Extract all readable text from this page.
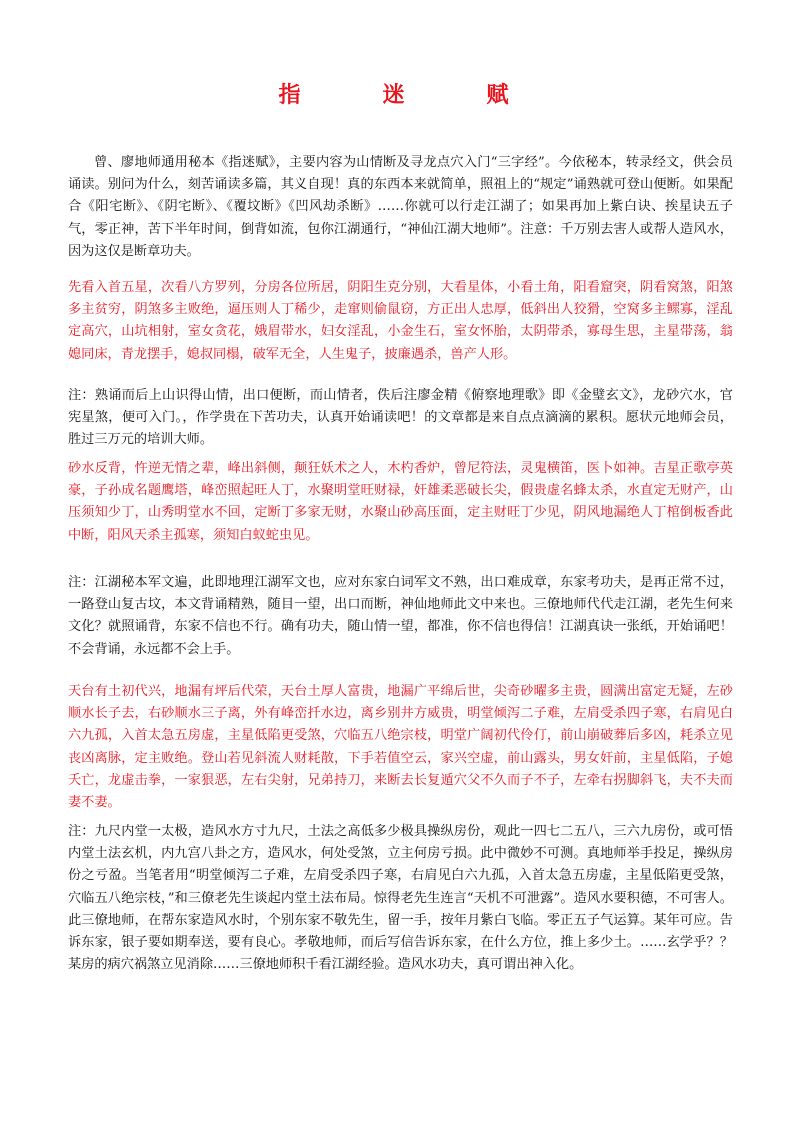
指　迷　赋

曾、廖地师通用秘本《指迷赋》，主要内容为山情断及寻龙点穴入门“三字经”。今依秘本，转录经文，供会员诵读。别问为什么，刻苦诵读多篇，其义自现！真的东西本来就简单，照祖上的“规定”诵熟就可登山便断。如果配合《阳宅断》、《阴宅断》、《覆坟断》《凹风劫杀断》……你就可以行走江湖了；如果再加上紫白诀、挨星诀五子气，零正神，苦下半年时间，倒背如流，包你江湖通行，“神仙江湖大地师”。注意：千万别去害人或帮人造风水，因为这仅是断章功夫。

先看入首五星，次看八方罗列，分房各位所居，阴阳生克分别，大看星体，小看土角，阳看窟突，阴看窝煞，阳煞多主贫穷，阴煞多主败绝，逼压则人丁稀少，走窜则偷鼠窃，方正出人忠厚，低斜出人狡猾，空窝多主鳏寡，淫乱定高穴，山坑相射，室女贪花，娥眉带水，妇女淫乱，小金生石，室女怀胎，太阴带杀，寡母生思，主星带荡，翁媳同床，青龙摆手，媳叔同榻，破军无全，人生鬼子，披廉遇杀，兽产人形。

注：熟诵而后上山识得山情，出口便断，而山情者，佚后注廖金精《俯察地理歌》即《金璧玄文》，龙砂穴水，官宪星煞，便可入门。，作学贵在下苦功夫，认真开始诵读吧！的文章都是来自点点滴滴的累积。愿状元地师会员，胜过三万元的培训大师。

砂水反背，忤逆无情之辈，峰出斜侧，颠狂妖术之人，木杓香炉，曾尼符法，灵鬼横笛，医卜如神。吉星正歌亭英豪，子孙成名题鹰塔，峰峦照起旺人丁，水聚明堂旺财禄，奸雄柔恶破长尖，假贵虚名蜂太杀，水直定无财产，山压须知少丁，山秀明堂水不回，定断丁多家无财，水聚山砂高压面，定主财旺丁少见，阴风地漏绝人丁棺倒板香此中断，阳风天杀主孤寒，须知白蚁蛇虫见。

注：江湖秘本军文遍，此即地理江湖军文也，应对东家白词军文不熟，出口难成章，东家考功夫，是再正常不过，一路登山复古坟，本文背诵精熟，随目一望，出口而断，神仙地师此文中来也。三僚地师代代走江湖，老先生何来文化？就照诵背，东家不信也不行。确有功夫，随山情一望，都准，你不信也得信！江湖真诀一张纸，开始诵吧！不会背诵，永远都不会上手。

天台有土初代兴，地漏有坪后代荣，天台土厚人富贵，地漏广平绵后世，尖奇砂曜多主贵，圆满出富定无疑，左砂顺水长子去，右砂顺水三子离，外有峰峦扦水边，离乡别井方威贵，明堂倾泻二子难，左肩受杀四子寒，右肩见白六九孤，入首太急五房虚，主星低陷更受煞，穴临五八绝宗枝，明堂广阔初代伶仃，前山崩破葬后多凶，耗杀立见丧凶离脉，定主败绝。登山若见斜流人财耗散，下手若值空云，家兴空虚，前山露头，男女奸前，主星低陷，子媳夭亡，龙虚击拳，一家狠恶，左右尖射，兄弟持刀，来断去长复遁穴父不久而子不子，左牵右拐脚斜飞，夫不夫而妻不妻。

注：九尺内堂一太极，造风水方寸九尺，土法之高低多少极具操纵房份，观此一四七二五八，三六九房份，或可悟内堂土法玄机，内九宫八卦之方，造风水，何处受煞，立主何房亏损。此中微妙不可测。真地师举手投足，操纵房份之亏盈。当笔者用“明堂倾泻二子难，左肩受杀四子寒，右肩见白六九孤，入首太急五房虚，主星低陷更受煞，穴临五八绝宗枝，”和三僚老先生谈起内堂土法布局。惊得老先生连言“天机不可泄露”。造风水要积德，不可害人。此三僚地师，在帮东家造风水时，个别东家不敬先生，留一手，按年月紫白飞临。零正五子气运算。某年可应。告诉东家，银子要如期奉送，要有良心。孝敬地师，而后写信告诉东家，在什么方位，推上多少土。……玄学乎？？某房的病穴祸煞立见消除……三僚地师积千看江湖经验。造风水功夫，真可谓出神入化。
